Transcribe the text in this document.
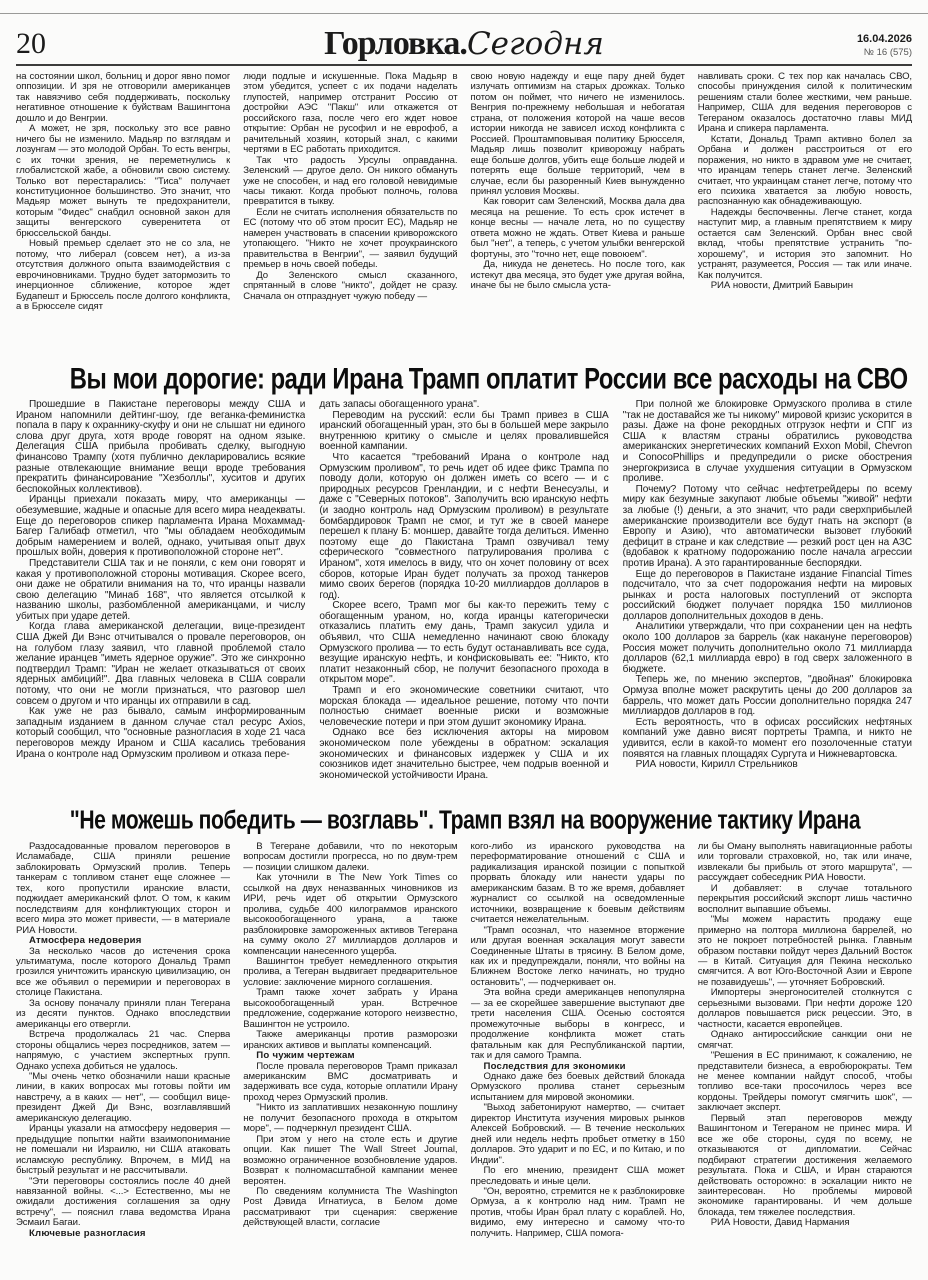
20	Горловка.Сегодня	16.04.2026
№ 16 (575)

на состоянии школ, больниц и дорог явно помог оппозиции. И зря не отговорили американцев так навязчиво себя поддерживать, поскольку негативное отношение к буйствам Вашингтона дошло и до Венгрии.

А может, не зря, поскольку это все равно ничего бы не изменило. Мадьяр по взглядам и лозунгам — это молодой Орбан. То есть венгры, с их точки зрения, не переметнулись к глобалистской жабе, а обновили свою систему. Только вот перестарались: "Тиса" получает конституционное большинство. Это значит, что Мадьяр может вынуть те предохранители, которым "Фидес" снабдил основной закон для защиты венгерского суверенитета от брюссельской банды.

Новый премьер сделает это не со зла, не потому, что либерал (совсем нет), а из-за отсутствия должного опыта взаимодействия с еврочиновниками. Трудно будет затормозить то инерционное сближение, которое ждет Будапешт и Брюссель после долгого конфликта, а в Брюсселе сидят

люди подлые и искушенные. Пока Мадьяр в этом убедится, успеет с их подачи наделать глупостей, например отстранит Россию от достройки АЭС "Пакш" или откажется от российского газа, после чего его ждет новое открытие: Орбан не русофил и не еврофоб, а рачительный хозяин, который знал, с какими чертями в ЕС работать приходится.

Так что радость Урсулы оправданна. Зеленский — другое дело. Он никого обмануть уже не способен, и над его головой невидимые часы тикают. Когда пробьют полночь, голова превратится в тыкву.

Если не считать исполнения обязательств по ЕС (потому что об этом просит ЕС), Мадьяр не намерен участвовать в спасении криворожского утопающего. "Никто не хочет проукраинского правительства в Венгрии", — заявил будущий премьер в ночь своей победы.

До Зеленского смысл сказанного, спрятанный в слове "никто", дойдет не сразу. Сначала он отпразднует чужую победу —

свою новую надежду и еще пару дней будет излучать оптимизм на старых дрожках. Только потом он поймет, что ничего не изменилось. Венгрия по-прежнему небольшая и небогатая страна, от положения которой на чаше весов истории никогда не зависел исход конфликта с Россией. Проштамповывая политику Брюсселя, Мадьяр лишь позволит криворожцу набрать еще больше долгов, убить еще больше людей и потерять еще больше территорий, чем в случае, если бы разоренный Киев вынужденно принял условия Москвы.

Как говорит сам Зеленский, Москва дала два месяца на решение. То есть срок истечет в конце весны — начале лета, но по существу ответа можно не ждать. Ответ Киева и раньше был "нет", а теперь, с учетом улыбки венгерской фортуны, это "точно нет, еще повоюем".

Да, никуда не денетесь. Но после того, как истекут два месяца, это будет уже другая война, иначе бы не было смысла уста-

навливать сроки. С тех пор как началась СВО, способы принуждения силой к политическим решениям стали более жесткими, чем раньше. Например, США для ведения переговоров с Тегераном оказалось достаточно главы МИД Ирана и спикера парламента.

Кстати, Дональд Трамп активно болел за Орбана и должен расстроиться от его поражения, но никто в здравом уме не считает, что иранцам теперь станет легче. Зеленский считает, что украинцам станет легче, потому что его психика хватается за любую новость, распознанную как обнадеживающую.

Надежды беспочвенны. Легче станет, когда наступит мир, а главным препятствием к миру остается сам Зеленский. Орбан внес свой вклад, чтобы препятствие устранить "по-хорошему", и история это запомнит. Но устранят, разумеется, Россия — так или иначе. Как получится.

РИА новости, Дмитрий Бавырин

Вы мои дорогие: ради Ирана Трамп оплатит России все расходы на СВО

Прошедшие в Пакистане переговоры между США и Ираном напомнили дейтинг-шоу, где веганка-феминистка попала в пару к охраннику-скуфу и они не слышат ни единого слова друг друга, хотя вроде говорят на одном языке. Делегация США прибыла пробивать сделку, выгодную финансово Трампу (хотя публично декларировались всякие разные отвлекающие внимание вещи вроде требования прекратить финансирование "Хезболлы", хуситов и других беспокойных коллективов).

Иранцы приехали показать миру, что американцы — обезумевшие, жадные и опасные для всего мира неадекваты. Еще до переговоров спикер парламента Ирана Мохаммад-Багер Галибаф отметил, что "мы обладаем необходимым добрым намерением и волей, однако, учитывая опыт двух прошлых войн, доверия к противоположной стороне нет".

Представители США так и не поняли, с кем они говорят и какая у противоположной стороны мотивация. Скорее всего, они даже не обратили внимания на то, что иранцы назвали свою делегацию "Минаб 168", что является отсылкой к названию школы, разбомбленной американцами, и числу убитых при ударе детей.

Когда глава американской делегации, вице-президент США Джей Ди Вэнс отчитывался о провале переговоров, он на голубом глазу заявил, что главной проблемой стало желание иранцев "иметь ядерное оружие". Это же синхронно подтвердил Трамп: "Иран не желает отказываться от своих ядерных амбиций!". Два главных человека в США соврали потому, что они не могли признаться, что разговор шел совсем о другом и что иранцы их отправили в сад.

Как уже не раз бывало, самым информированным западным изданием в данном случае стал ресурс Axios, который сообщил, что "основные разногласия в ходе 21 часа переговоров между Ираном и США касались требования Ирана о контроле над Ормузским проливом и отказа пере-

дать запасы обогащенного урана".

Переводим на русский: если бы Трамп привез в США иранский обогащенный уран, это бы в большей мере закрыло внутреннюю критику о смысле и целях провалившейся военной кампании.

Что касается "требований Ирана о контроле над Ормузским проливом", то речь идет об идее фикс Трампа по поводу доли, которую он должен иметь со всего — и с природных ресурсов Гренландии, и с нефти Венесуэлы, и даже с "Северных потоков". Заполучить всю иранскую нефть (и заодно контроль над Ормузским проливом) в результате бомбардировок Трамп не смог, и тут же в своей манере перешел к плану Б: моншер, давайте тогда делиться. Именно поэтому еще до Пакистана Трамп озвучивал тему сферического "совместного патрулирования пролива с Ираном", хотя имелось в виду, что он хочет половину от всех сборов, которые Иран будет получать за проход танкеров мимо своих берегов (порядка 10-20 миллиардов долларов в год).

Скорее всего, Трамп мог бы как-то пережить тему с обогащенным ураном, но, когда иранцы категорически отказались платить ему дань, Трамп закусил удила и объявил, что США немедленно начинают свою блокаду Ормузского пролива — то есть будут останавливать все суда, везущие иранскую нефть, и конфисковывать ее: "Никто, кто платит незаконный сбор, не получит безопасного прохода в открытом море".

Трамп и его экономические советники считают, что морская блокада — идеальное решение, потому что почти полностью снимает военные риски и возможные человеческие потери и при этом душит экономику Ирана.

Однако все без исключения акторы на мировом экономическом поле убеждены в обратном: эскалация экономических и финансовых издержек у США и их союзников идет значительно быстрее, чем подрыв военной и экономической устойчивости Ирана.

При полной же блокировке Ормузского пролива в стиле "так не доставайся же ты никому" мировой кризис ускорится в разы. Даже на фоне рекордных отгрузок нефти и СПГ из США к властям страны обратились руководства американских энергетических компаний Exxon Mobil, Chevron и ConocoPhillips и предупредили о риске обострения энергокризиса в случае ухудшения ситуации в Ормузском проливе.

Почему? Потому что сейчас нефтетрейдеры по всему миру как безумные закупают любые объемы "живой" нефти за любые (!) деньги, а это значит, что ради сверхприбылей американские производители все будут гнать на экспорт (в Европу и Азию), что автоматически вызовет глубокий дефицит в стране и как следствие — резкий рост цен на АЗС (вдобавок к кратному подорожанию после начала агрессии против Ирана). А это гарантированные беспорядки.

Еще до переговоров в Пакистане издание Financial Times подсчитало, что за счет подорожания нефти на мировых рынках и роста налоговых поступлений от экспорта российский бюджет получает порядка 150 миллионов долларов дополнительных доходов в день.

Аналитики утверждали, что при сохранении цен на нефть около 100 долларов за баррель (как накануне переговоров) Россия может получить дополнительно около 71 миллиарда долларов (62,1 миллиарда евро) в год сверх заложенного в бюджете.

Теперь же, по мнению экспертов, "двойная" блокировка Ормуза вполне может раскрутить цены до 200 долларов за баррель, что может дать России дополнительно порядка 247 миллиардов долларов в год.

Есть вероятность, что в офисах российских нефтяных компаний уже давно висят портреты Трампа, и никто не удивится, если в какой-то момент его позолоченные статуи появятся на главных площадях Сургута и Нижневартовска.

РИА новости, Кирилл Стрельников

"Не можешь победить — возглавь". Трамп взял на вооружение тактику Ирана

Раздосадованные провалом переговоров в Исламабаде, США приняли решение заблокировать Ормузский пролив. Теперь танкерам с топливом станет еще сложнее — тех, кого пропустили иранские власти, поджидает американский флот. О том, к каким последствиям для конфликтующих сторон и всего мира это может привести, — в материале РИА Новости.

Атмосфера недоверия

За несколько часов до истечения срока ультиматума, после которого Дональд Трамп грозился уничтожить иранскую цивилизацию, он все же объявил о перемирии и переговорах в столице Пакистана.

За основу поначалу приняли план Тегерана из десяти пунктов. Однако впоследствии американцы его отвергли.

Встреча продолжалась 21 час. Сперва стороны общались через посредников, затем — напрямую, с участием экспертных групп. Однако успеха добиться не удалось.

"Мы очень четко обозначили наши красные линии, в каких вопросах мы готовы пойти им навстречу, а в каких — нет", — сообщил вице-президент Джей Ди Вэнс, возглавлявший американскую делегацию.

Иранцы указали на атмосферу недоверия — предыдущие попытки найти взаимопонимание не помешали ни Израилю, ни США атаковать исламскую республику. Впрочем, в МИД на быстрый результат и не рассчитывали.

"Эти переговоры состоялись после 40 дней навязанной войны. <...> Естественно, мы не ожидали достижения соглашения за одну встречу", — пояснил глава ведомства Ирана Эсмаил Багаи.

Ключевые разногласия

В Тегеране добавили, что по некоторым вопросам достигли прогресса, но по двум-трем — позиции слишком далеки.

Как уточнили в The New York Times со ссылкой на двух неназванных чиновников из ИРИ, речь идет об открытии Ормузского пролива, судьбе 400 килограммов иранского высокообогащенного урана, а также разблокировке замороженных активов Тегерана на сумму около 27 миллиардов долларов и компенсации нанесенного ущерба.

Вашингтон требует немедленного открытия пролива, а Тегеран выдвигает предварительное условие: заключение мирного соглашения.

Трамп также хочет забрать у Ирана высокообогащенный уран. Встречное предложение, содержание которого неизвестно, Вашингтон не устроило.

Также американцы против разморозки иранских активов и выплаты компенсаций.

По чужим чертежам

После провала переговоров Трамп приказал американским ВМС досматривать и задерживать все суда, которые оплатили Ирану проход через Ормузский пролив.

"Никто из заплативших незаконную пошлину не получит безопасного прохода в открытом море", — подчеркнул президент США.

При этом у него на столе есть и другие опции. Как пишет The Wall Street Journal, возможно ограниченное возобновление ударов. Возврат к полномасштабной кампании менее вероятен.

По сведениям колумниста The Washington Post Дэвида Игнатиуса, в Белом доме рассматривают три сценария: свержение действующей власти, согласие

кого-либо из иранского руководства на переформатирование отношений с США и радикализация иранской позиции с попыткой прорвать блокаду или нанести удары по американским базам. В то же время, добавляет журналист со ссылкой на осведомленные источники, возвращение к боевым действиям считается нежелательным.

"Трамп осознал, что наземное вторжение или другая военная эскалация могут завести Соединенные Штаты в трясину. В Белом доме, как их и предупреждали, поняли, что войны на Ближнем Востоке легко начинать, но трудно остановить", — подчеркивает он.

Эта война среди американцев непопулярна — за ее скорейшее завершение выступают две трети населения США. Осенью состоятся промежуточные выборы в конгресс, и продолжение конфликта может стать фатальным как для Республиканской партии, так и для самого Трампа.

Последствия для экономики

Однако даже без боевых действий блокада Ормузского пролива станет серьезным испытанием для мировой экономики.

"Выход забетонируют намертво, — считает директор Института изучения мировых рынков Алексей Бобровский. — В течение нескольких дней или недель нефть пробьет отметку в 150 долларов. Это ударит и по ЕС, и по Китаю, и по Индии".

По его мнению, президент США может преследовать и иные цели.

"Он, вероятно, стремится не к разблокировке Ормуза, а к контролю над ним. Трамп не против, чтобы Иран брал плату с кораблей. Но, видимо, ему интересно и самому что-то получить. Например, США помога-

ли бы Оману выполнять навигационные работы или торговали страховкой, но, так или иначе, извлекали бы прибыль от этого маршрута", — рассуждает собеседник РИА Новости.

И добавляет: в случае тотального перекрытия российский экспорт лишь частично восполнит выпавшие объемы.

"Мы можем нарастить продажу еще примерно на полтора миллиона баррелей, но это не покроет потребностей рынка. Главным образом поставки пойдут через Дальний Восток — в Китай. Ситуация для Пекина несколько смягчится. А вот Юго-Восточной Азии и Европе не позавидуешь", — уточняет Бобровский.

Импортеры энергоносителей столкнутся с серьезными вызовами. При нефти дороже 120 долларов повышается риск рецессии. Это, в частности, касается европейцев.

Однако антироссийские санкции они не смягчат.

"Решения в ЕС принимают, к сожалению, не представители бизнеса, а евробюрократы. Тем не менее компании найдут способ, чтобы топливо все-таки просочилось через все кордоны. Трейдеры помогут смягчить шок", — заключает эксперт.

Первый этап переговоров между Вашингтоном и Тегераном не принес мира. И все же обе стороны, судя по всему, не отказываются от дипломатии. Сейчас подбирают стратегии достижения желаемого результата. Пока и США, и Иран стараются действовать осторожно: в эскалации никто не заинтересован. Но проблемы мировой экономике гарантированы. И чем дольше блокада, тем тяжелее последствия.

РИА Новости, Давид Нармания
